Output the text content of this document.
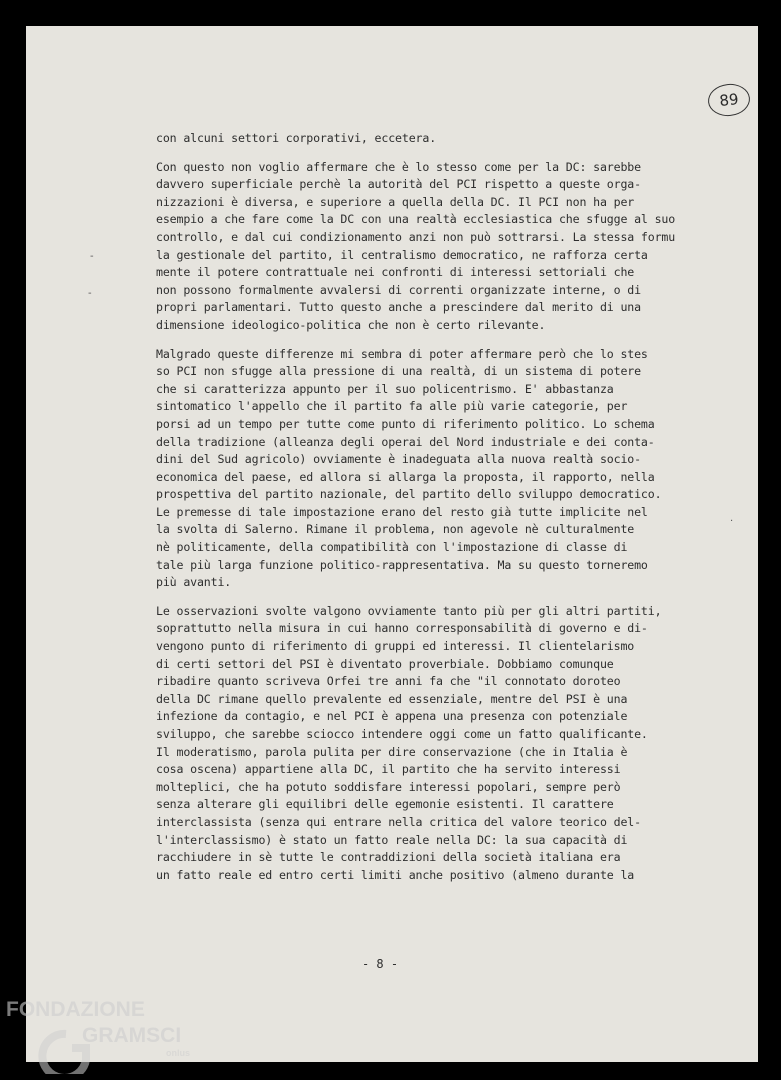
89
-
-
·

con alcuni settori corporativi, eccetera.

Con questo non voglio affermare che è lo stesso come per la DC: sarebbe
davvero superficiale perchè la autorità del PCI rispetto a queste orga-
nizzazioni è diversa, e superiore a quella della DC. Il PCI non ha per
esempio a che fare come la DC con una realtà ecclesiastica che sfugge al suo
controllo, e dal cui condizionamento anzi non può sottrarsi. La stessa formu
la gestionale del partito, il centralismo democratico, ne rafforza certa
mente il potere contrattuale nei confronti di interessi settoriali che
non possono formalmente avvalersi di correnti organizzate interne, o di
propri parlamentari. Tutto questo anche a prescindere dal merito di una
dimensione ideologico-politica che non è certo rilevante.

Malgrado queste differenze mi sembra di poter affermare però che lo stes
so PCI non sfugge alla pressione di una realtà, di un sistema di potere
che si caratterizza appunto per il suo policentrismo. E' abbastanza
sintomatico l'appello che il partito fa alle più varie categorie, per
porsi ad un tempo per tutte come punto di riferimento politico. Lo schema
della tradizione (alleanza degli operai del Nord industriale e dei conta-
dini del Sud agricolo) ovviamente è inadeguata alla nuova realtà socio-
economica del paese, ed allora si allarga la proposta, il rapporto, nella
prospettiva del partito nazionale, del partito dello sviluppo democratico.
Le premesse di tale impostazione erano del resto già tutte implicite nel
la svolta di Salerno. Rimane il problema, non agevole nè culturalmente
nè politicamente, della compatibilità con l'impostazione di classe di
tale più larga funzione politico-rappresentativa. Ma su questo torneremo
più avanti.

Le osservazioni svolte valgono ovviamente tanto più per gli altri partiti,
soprattutto nella misura in cui hanno corresponsabilità di governo e di-
vengono punto di riferimento di gruppi ed interessi. Il clientelarismo
di certi settori del PSI è diventato proverbiale. Dobbiamo comunque
ribadire quanto scriveva Orfei tre anni fa che "il connotato doroteo
della DC rimane quello prevalente ed essenziale, mentre del PSI è una
infezione da contagio, e nel PCI è appena una presenza con potenziale
sviluppo, che sarebbe sciocco intendere oggi come un fatto qualificante.
Il moderatismo, parola pulita per dire conservazione (che in Italia è
cosa oscena) appartiene alla DC, il partito che ha servito interessi
molteplici, che ha potuto soddisfare interessi popolari, sempre però
senza alterare gli equilibri delle egemonie esistenti. Il carattere
interclassista (senza qui entrare nella critica del valore teorico del-
l'interclassismo) è stato un fatto reale nella DC: la sua capacità di
racchiudere in sè tutte le contraddizioni della società italiana era
un fatto reale ed entro certi limiti anche positivo (almeno durante la

- 8 -
FONDAZIONE
GRAMSCI
onlus
